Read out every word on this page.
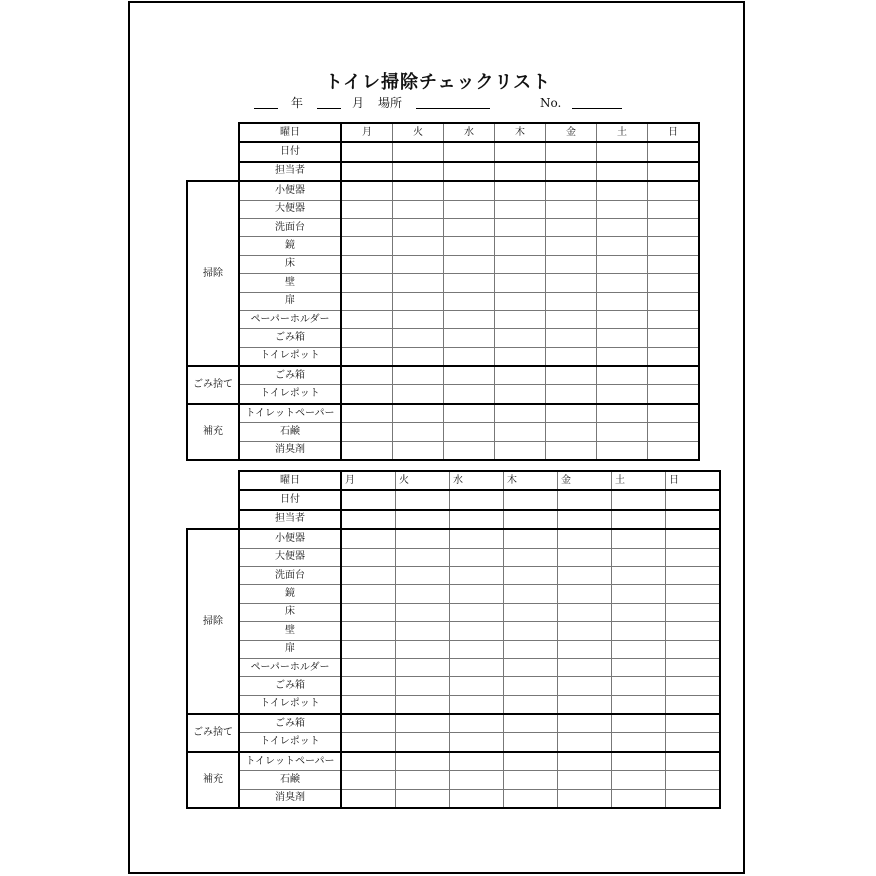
トイレ掃除チェックリスト
年	月 場所	No.
	曜日	月	火	水	木	金	土	日
	日付							
	担当者							
掃除	小便器							
	大便器							
	洗面台							
	鏡							
	床							
	壁							
	扉							
	ペーパーホルダー							
	ごみ箱							
	トイレポット							
ごみ捨て	ごみ箱							
	トイレポット							
補充	トイレットペーパー							
	石鹸							
	消臭剤							
	曜日	月	火	水	木	金	土	日
	日付							
	担当者							
掃除	小便器							
	大便器							
	洗面台							
	鏡							
	床							
	壁							
	扉							
	ペーパーホルダー							
	ごみ箱							
	トイレポット							
ごみ捨て	ごみ箱							
	トイレポット							
補充	トイレットペーパー							
	石鹸							
	消臭剤							
